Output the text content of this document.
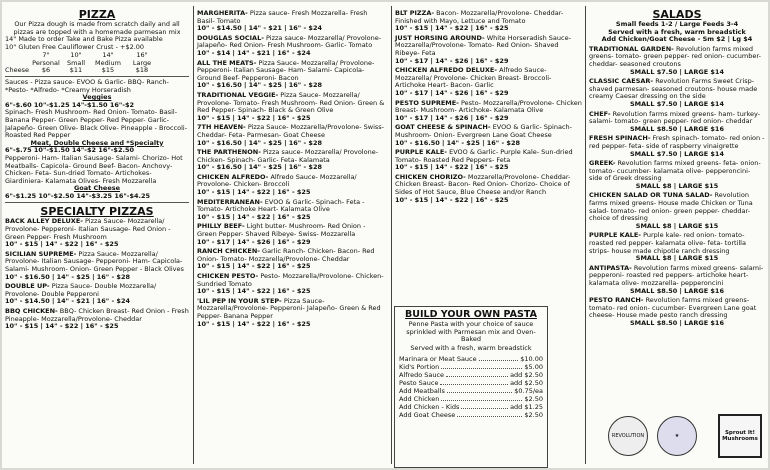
PIZZA

Our Pizza dough is made from scratch daily and all pizzas are topped with a homemade parmesan mix

14" Made to order Take and Bake Pizza available

10" Gluten Free Cauliflower Crust - +$2.00

7"	10"	14"	16"
Personal	Small	Medium	Large
Cheese	$6	$11	$15	$18

Sauces - Pizza sauce- EVOO & Garlic- BBQ- Ranch- *Pesto- *Alfredo- *Creamy Horseradish

Veggies

6"-$.60 10"-$1.25 14"-$1.50 16"-$2

Spinach- Fresh Mushroom- Red Onion- Tomato- Basil- Banana Pepper- Green Pepper- Red Pepper- Garlic- Jalapeño- Green Olive- Black Olive- Pineapple - Broccoli- Roasted Red Pepper

Meat, Double Cheese and *Specialty

6"-$.75 10"-$1.50 14"-$2 16"-$2.50

Pepperoni- Ham- Italian Sausage- Salami- Chorizo- Hot Meatballs- Capicola- Ground Beef- Bacon- Anchovy- Chicken- Feta- Sun-dried Tomato- Artichokes- Giardiniera- Kalamata Olives- Fresh Mozzarella

Goat Cheese

6"-$1.25 10"-$2.50 14"-$3.25 16"-$4.25

SPECIALTY PIZZAS
BACK ALLEY DELUXE- Pizza Sauce- Mozzarella/ Provolone- Pepperoni- Italian Sausage- Red Onion - Green Pepper- Fresh Mushroom
10" - $15 | 14" - $22 | 16" - $25
SICILIAN SUPREME- Pizza Sauce- Mozzarella/ Provolone- Italian Sausage- Pepperoni- Ham- Capicola- Salami- Mushroom- Onion- Green Pepper - Black Olives
10" - $16.50 | 14" - $25 | 16" - $28
DOUBLE UP- Pizza Sauce- Double Mozzarella/ Provolone- Double Pepperoni
10" - $14.50 | 14" - $21 | 16" - $24
BBQ CHICKEN- BBQ- Chicken Breast- Red Onion - Fresh Pineapple- Mozzarella/Provolone- Cheddar
10" - $15 | 14" - $22 | 16" - $25
MARGHERITA- Pizza sauce- Fresh Mozzarella- Fresh Basil- Tomato
10" - $14.50 | 14" - $21 | 16" - $24
DOUGLAS SOCIAL- Pizza sauce- Mozzarella/ Provolone- Jalapeño- Red Onion- Fresh Mushroom- Garlic- Tomato
10" - $14 | 14" - $21 | 16" - $24
ALL THE MEATS- Pizza Sauce- Mozzarella/ Provolone- Pepperoni- Italian Sausage- Ham- Salami- Capicola- Ground Beef- Pepperoni- Bacon
10" - $16.50 | 14" - $25 | 16" - $28
TRADITIONAL VEGGIE- Pizza Sauce- Mozzarella/ Provolone- Tomato- Fresh Mushroom- Red Onion- Green & Red Pepper- Spinach- Black & Green Olive
10" - $15 | 14" - $22 | 16" - $25
7TH HEAVEN- Pizza Sauce- Mozzarella/Provolone- Swiss- Cheddar- Feta- Parmesan- Goat Cheese
10" - $16.50 | 14" - $25 | 16" - $28
THE PARTHENON- Pizza sauce- Mozzarella/ Provolone- Chicken- Spinach- Garlic- Feta- Kalamata
10" - $16.50 | 14" - $25 | 16" - $28
CHICKEN ALFREDO- Alfredo Sauce- Mozzarella/ Provolone- Chicken- Broccoli
10" - $15 | 14" - $22 | 16" - $25
MEDITERRANEAN- EVOO & Garlic- Spinach- Feta - Tomato- Artichoke Heart- Kalamata Olive
10" - $15 | 14" - $22 | 16" - $25
PHILLY BEEF- Light butter- Mushroom- Red Onion - Green Pepper- Shaved Ribeye- Swiss- Mozzarella
10" - $17 | 14" - $26 | 16" - $29
RANCH CHICKEN- Garlic Ranch- Chicken- Bacon- Red Onion- Tomato- Mozzarella/Provolone- Cheddar
10" - $15 | 14" - $22 | 16" - $25
CHICKEN PESTO- Pesto- Mozzarella/Provolone- Chicken- Sundried Tomato
10" - $15 | 14" - $22 | 16" - $25
'LIL PEP IN YOUR STEP- Pizza Sauce- Mozzarella/Provolone- Pepperoni- Jalapeño- Green & Red Pepper- Banana Pepper
10" - $15 | 14" - $22 | 16" - $25
BLT PIZZA- Bacon- Mozzarella/Provolone- Cheddar- Finished with Mayo, Lettuce and Tomato
10" - $15 | 14" - $22 | 16" - $25
JUST HORSING AROUND- White Horseradish Sauce- Mozzarella/Provolone- Tomato- Red Onion- Shaved Ribeye- Feta
10" - $17 | 14" - $26 | 16" - $29
CHICKEN ALFREDO DELUXE- Alfredo Sauce- Mozzarella/ Provolone- Chicken Breast- Broccoli- Artichoke Heart- Bacon- Garlic
10" - $17 | 14" - $26 | 16" - $29
PESTO SUPREME- Pesto- Mozzarella/Provolone- Chicken Breast- Mushroom- Artichoke- Kalamata Olive
10" - $17 | 14" - $26 | 16" - $29
GOAT CHEESE & SPINACH- EVOO & Garlic- Spinach- Mushroom- Onion- Evergreen Lane Goat Cheese
10" - $16.50 | 14" - $25 | 16" - $28
PURPLE KALE- EVOO & Garlic- Purple Kale- Sun-dried Tomato- Roasted Red Peppers- Feta
10" - $15 | 14" - $22 | 16" - $25
CHICKEN CHORIZO- Mozzarella/Provolone- Cheddar- Chicken Breast- Bacon- Red Onion- Chorizo- Choice of Sides of Hot Sauce, Blue Cheese and/or Ranch
10" - $15 | 14" - $22 | 16" - $25
BUILD YOUR OWN PASTA

Penne Pasta with your choice of sauce sprinkled with Parmesan mix and Oven-Baked

Served with a fresh, warm breadstick

Marinara or Meat Sauce	$10.00
Kid's Portion	$5.00
Alfredo Sauce	add $2.50
Pesto Sauce	add $2.50
Add Meatballs	$0.75/ea
Add Chicken	$2.50
Add Chicken - Kids	add $1.25
Add Goat Cheese	$2.50
SALADS

Small feeds 1-2 / Large Feeds 3-4

Served with a fresh, warm breadstick

Add Chicken/Goat Cheese - Sm $2 | Lg $4

TRADITIONAL GARDEN- Revolution farms mixed greens- tomato- green pepper- red onion- cucumber- cheddar- seasoned croutons
SMALL $7.50 | LARGE $14
CLASSIC CAESAR- Revolution Farms Sweet Crisp- shaved parmesan- seasoned croutons- house made creamy Caesar dressing on the side
SMALL $7.50 | LARGE $14
CHEF- Revolution farms mixed greens- ham- turkey- salami- tomato- green pepper- red onion- cheddar
SMALL $8.50 | LARGE $16
FRESH SPINACH- Fresh spinach- tomato- red onion - red pepper- feta- side of raspberry vinaigrette
SMALL $7.50 | LARGE $14
GREEK- Revolution farms mixed greens- feta- onion- tomato- cucumber- kalamata olive- pepperoncini- side of Greek dressing
SMALL $8 | LARGE $15
CHICKEN SALAD OR TUNA SALAD- Revolution farms mixed greens- House made Chicken or Tuna salad- tomato- red onion- green pepper- cheddar- choice of dressing
SMALL $8 | LARGE $15
PURPLE KALE- Purple kale- red onion- tomato- roasted red pepper- kalamata olive- feta- tortilla strips- house made chipotle ranch dressing
SMALL $8 | LARGE $15
ANTIPASTA- Revolution farms mixed greens- salami- pepperoni- roasted red peppers- artichoke heart- kalamata olive- mozzarella- pepperoncini
SMALL $8.50 | LARGE $16
PESTO RANCH- Revolution farms mixed greens- tomato- red onion- cucumber- Evergreen Lane goat cheese- House made pesto ranch dressing
SMALL $8.50 | LARGE $16
REVOLUTION	★	Sprout It! Mushrooms
